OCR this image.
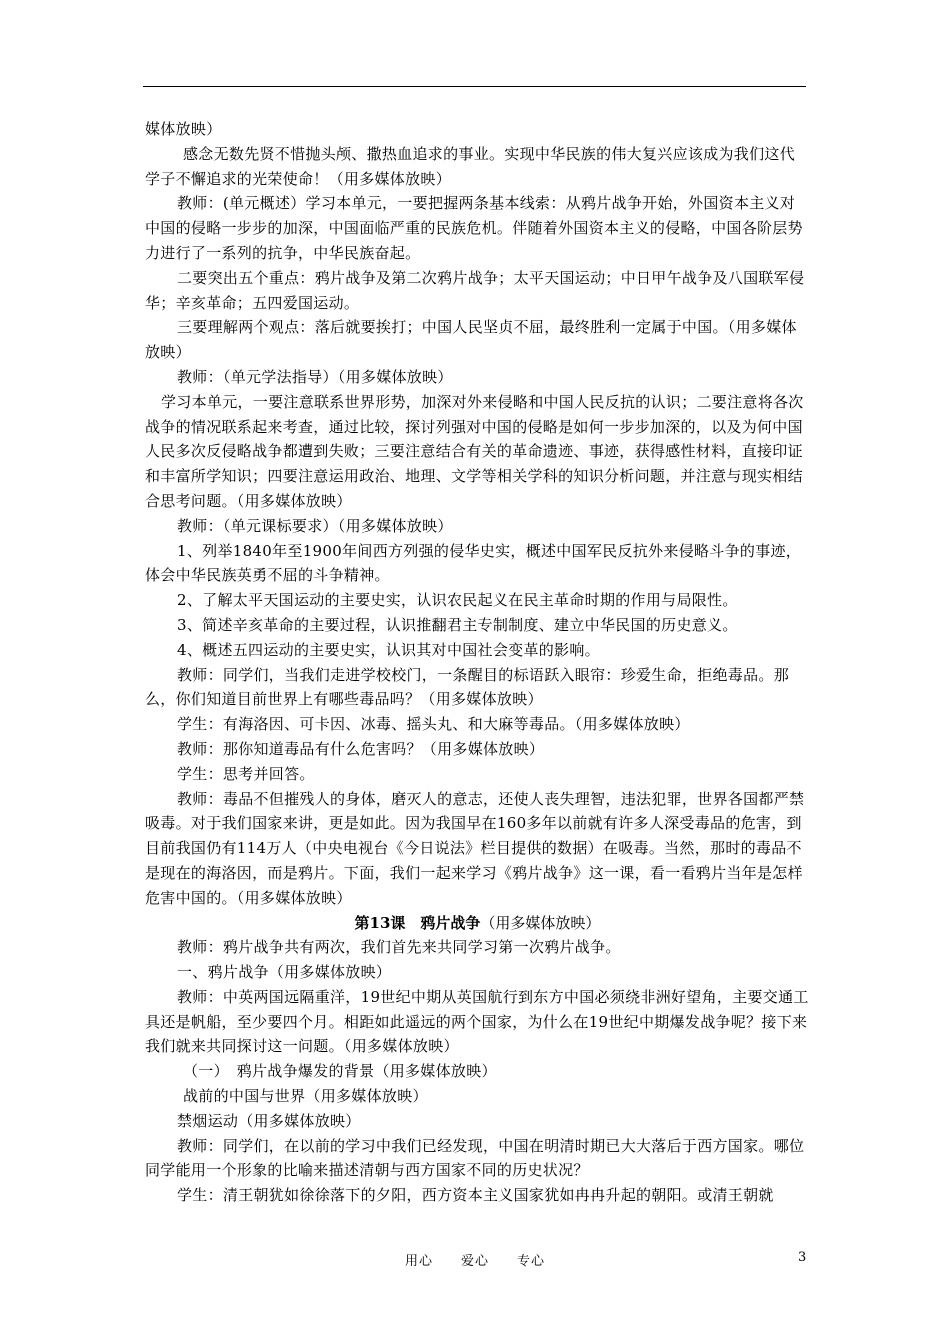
媒体放映）

感念无数先贤不惜抛头颅、撒热血追求的事业。实现中华民族的伟大复兴应该成为我们这代学子不懈追求的光荣使命！（用多媒体放映）

教师：(单元概述）学习本单元，一要把握两条基本线索：从鸦片战争开始，外国资本主义对中国的侵略一步步的加深，中国面临严重的民族危机。伴随着外国资本主义的侵略，中国各阶层势力进行了一系列的抗争，中华民族奋起。

二要突出五个重点：鸦片战争及第二次鸦片战争；太平天国运动；中日甲午战争及八国联军侵华；辛亥革命；五四爱国运动。

三要理解两个观点：落后就要挨打；中国人民坚贞不屈，最终胜利一定属于中国。（用多媒体放映）

教师：（单元学法指导）（用多媒体放映）

学习本单元，一要注意联系世界形势，加深对外来侵略和中国人民反抗的认识；二要注意将各次战争的情况联系起来考查，通过比较，探讨列强对中国的侵略是如何一步步加深的，以及为何中国人民多次反侵略战争都遭到失败；三要注意结合有关的革命遗迹、事迹，获得感性材料，直接印证和丰富所学知识；四要注意运用政治、地理、文学等相关学科的知识分析问题，并注意与现实相结合思考问题。（用多媒体放映）

教师：（单元课标要求）（用多媒体放映）

1、列举1840年至1900年间西方列强的侵华史实，概述中国军民反抗外来侵略斗争的事迹，体会中华民族英勇不屈的斗争精神。

2、了解太平天国运动的主要史实，认识农民起义在民主革命时期的作用与局限性。

3、简述辛亥革命的主要过程，认识推翻君主专制制度、建立中华民国的历史意义。

4、概述五四运动的主要史实，认识其对中国社会变革的影响。

教师：同学们，当我们走进学校校门，一条醒目的标语跃入眼帘：珍爱生命，拒绝毒品。那么，你们知道目前世界上有哪些毒品吗？（用多媒体放映）

学生：有海洛因、可卡因、冰毒、摇头丸、和大麻等毒品。（用多媒体放映）

教师：那你知道毒品有什么危害吗？（用多媒体放映）

学生：思考并回答。

教师：毒品不但摧残人的身体，磨灭人的意志，还使人丧失理智，违法犯罪，世界各国都严禁吸毒。对于我们国家来讲，更是如此。因为我国早在160多年以前就有许多人深受毒品的危害，到目前我国仍有114万人（中央电视台《今日说法》栏目提供的数据）在吸毒。当然，那时的毒品不是现在的海洛因，而是鸦片。下面，我们一起来学习《鸦片战争》这一课，看一看鸦片当年是怎样危害中国的。（用多媒体放映）

第13课　鸦片战争（用多媒体放映）

教师：鸦片战争共有两次，我们首先来共同学习第一次鸦片战争。

一、鸦片战争（用多媒体放映）

教师：中英两国远隔重洋，19世纪中期从英国航行到东方中国必须绕非洲好望角，主要交通工具还是帆船，至少要四个月。相距如此遥远的两个国家，为什么在19世纪中期爆发战争呢？接下来我们就来共同探讨这一问题。（用多媒体放映）

（一）　鸦片战争爆发的背景（用多媒体放映）

战前的中国与世界（用多媒体放映）

禁烟运动（用多媒体放映）

教师：同学们，在以前的学习中我们已经发现，中国在明清时期已大大落后于西方国家。哪位同学能用一个形象的比喻来描述清朝与西方国家不同的历史状况？

学生：清王朝犹如徐徐落下的夕阳，西方资本主义国家犹如冉冉升起的朝阳。或清王朝就

用心　　爱心　　专心	3
